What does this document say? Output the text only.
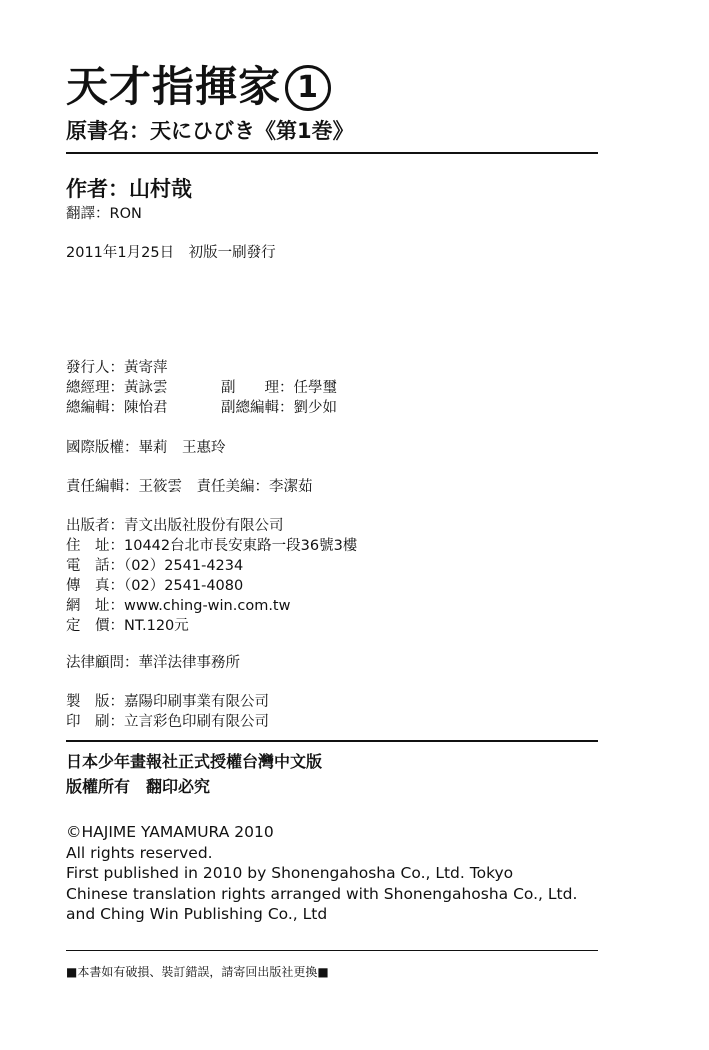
天才指揮家 1
原書名：天にひびき《第1巻》
作者：山村哉
翻譯：RON
2011年1月25日　初版一刷發行
發行人：黃寄萍
總經理：黃詠雲	副　　理：任學璽
總編輯：陳怡君	副總編輯：劉少如
國際版權：畢莉　王惠玲
責任編輯：王筱雲　責任美編：李潔茹
出版者：青文出版社股份有限公司
住　址：10442台北市長安東路一段36號3樓
電　話：（02）2541-4234
傳　真：（02）2541-4080
網　址：www.ching-win.com.tw
定　價：NT.120元
法律顧問：華洋法律事務所
製　版：嘉陽印刷事業有限公司
印　刷：立言彩色印刷有限公司
日本少年畫報社正式授權台灣中文版
版權所有　翻印必究
©HAJIME YAMAMURA 2010
All rights reserved.
First published in 2010 by Shonengahosha Co., Ltd. Tokyo
Chinese translation rights arranged with Shonengahosha Co., Ltd.
and Ching Win Publishing Co., Ltd
■本書如有破損、裝訂錯誤，請寄回出版社更換■
